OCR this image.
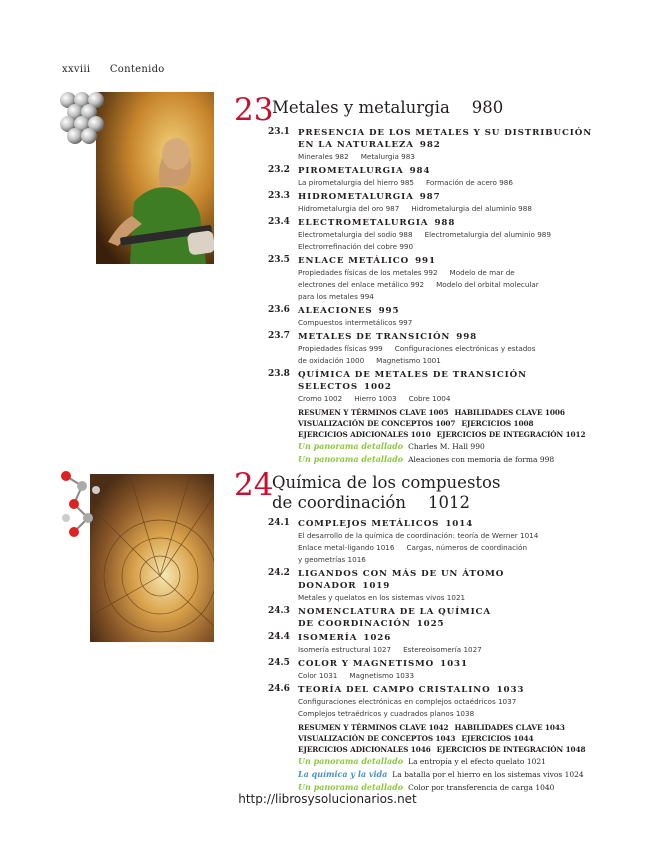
xxviii Contenido
23
Metales y metalurgia 980
23.1 PRESENCIA DE LOS METALES Y SU DISTRIBUCIÓN
EN LA NATURALEZA 982
Minerales 982 Metalurgia 983
23.2 PIROMETALURGIA 984
La pirometalurgia del hierro 985 Formación de acero 986
23.3 HIDROMETALURGIA 987
Hidrometalurgia del oro 987 Hidrometalurgia del aluminio 988
23.4 ELECTROMETALURGIA 988
Electrometalurgia del sodio 988 Electrometalurgia del aluminio 989
Electrorrefinación del cobre 990
23.5 ENLACE METÁLICO 991
Propiedades físicas de los metales 992 Modelo de mar de
electrones del enlace metálico 992 Modelo del orbital molecular
para los metales 994
23.6 ALEACIONES 995
Compuestos intermetálicos 997
23.7 METALES DE TRANSICIÓN 998
Propiedades físicas 999 Configuraciones electrónicas y estados
de oxidación 1000 Magnetismo 1001
23.8 QUÍMICA DE METALES DE TRANSICIÓN SELECTOS 1002
Cromo 1002 Hierro 1003 Cobre 1004
RESUMEN Y TÉRMINOS CLAVE 1005 HABILIDADES CLAVE 1006
VISUALIZACIÓN DE CONCEPTOS 1007 EJERCICIOS 1008
EJERCICIOS ADICIONALES 1010 EJERCICIOS DE INTEGRACIÓN 1012
Un panorama detallado Charles M. Hall 990
Un panorama detallado Aleaciones con memoria de forma 998
24
Química de los compuestos
de coordinación 1012
24.1 COMPLEJOS METÁLICOS 1014
El desarrollo de la química de coordinación: teoría de Werner 1014
Enlace metal-ligando 1016 Cargas, números de coordinación
y geometrías 1016
24.2 LIGANDOS CON MÁS DE UN ÁTOMO DONADOR 1019
Metales y quelatos en los sistemas vivos 1021
24.3 NOMENCLATURA DE LA QUÍMICA
DE COORDINACIÓN 1025
24.4 ISOMERÍA 1026
Isomería estructural 1027 Estereoisomería 1027
24.5 COLOR Y MAGNETISMO 1031
Color 1031 Magnetismo 1033
24.6 TEORÍA DEL CAMPO CRISTALINO 1033
Configuraciones electrónicas en complejos octaédricos 1037
Complejos tetraédricos y cuadrados planos 1038
RESUMEN Y TÉRMINOS CLAVE 1042 HABILIDADES CLAVE 1043
VISUALIZACIÓN DE CONCEPTOS 1043 EJERCICIOS 1044
EJERCICIOS ADICIONALES 1046 EJERCICIOS DE INTEGRACIÓN 1048
Un panorama detallado La entropía y el efecto quelato 1021
La química y la vida La batalla por el hierro en los sistemas vivos 1024
Un panorama detallado Color por transferencia de carga 1040
http://librosysolucionarios.net
